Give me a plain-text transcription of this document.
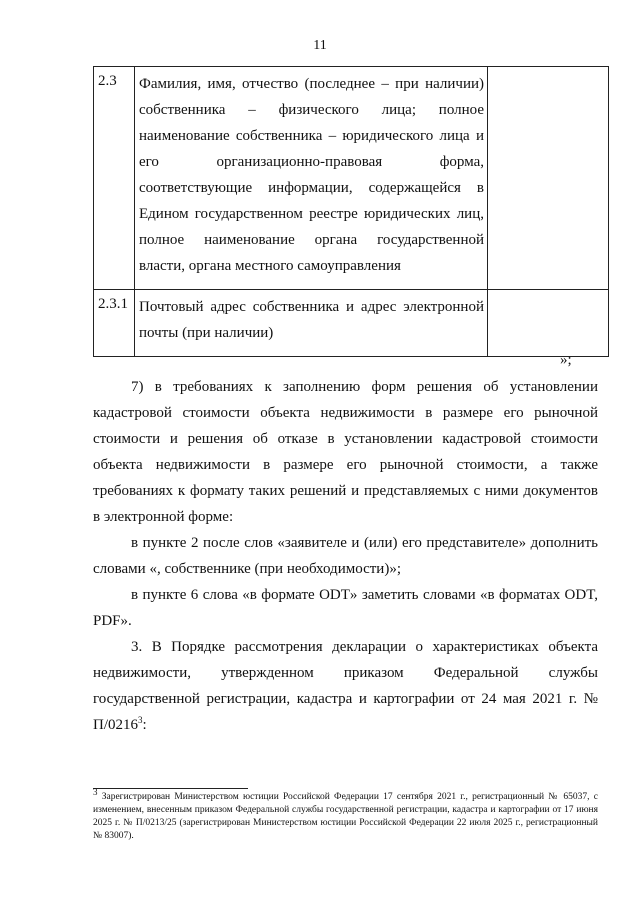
11
2.3	Фамилия, имя, отчество (последнее – при наличии) собственника – физического лица; полное наименование собственника – юридического лица и его организационно-правовая форма, соответствующие информации, содержащейся в Едином государственном реестре юридических лиц, полное наименование органа государственной власти, органа местного самоуправления	
2.3.1	Почтовый адрес собственника и адрес электронной почты (при наличии)	
»;

7) в требованиях к заполнению форм решения об установлении кадастровой стоимости объекта недвижимости в размере его рыночной стоимости и решения об отказе в установлении кадастровой стоимости объекта недвижимости в размере его рыночной стоимости, а также требованиях к формату таких решений и представляемых с ними документов в электронной форме:

в пункте 2 после слов «заявителе и (или) его представителе» дополнить словами «, собственнике (при необходимости)»;

в пункте 6 слова «в формате ODT» заметить словами «в форматах ODT, PDF».

3. В Порядке рассмотрения декларации о характеристиках объекта недвижимости, утвержденном приказом Федеральной службы государственной регистрации, кадастра и картографии от 24 мая 2021 г. № П/0216$^3$:

$^3$ Зарегистрирован Министерством юстиции Российской Федерации 17 сентября 2021 г., регистрационный № 65037, с изменением, внесенным приказом Федеральной службы государственной регистрации, кадастра и картографии от 17 июня 2025 г. № П/0213/25 (зарегистрирован Министерством юстиции Российской Федерации 22 июля 2025 г., регистрационный № 83007).
